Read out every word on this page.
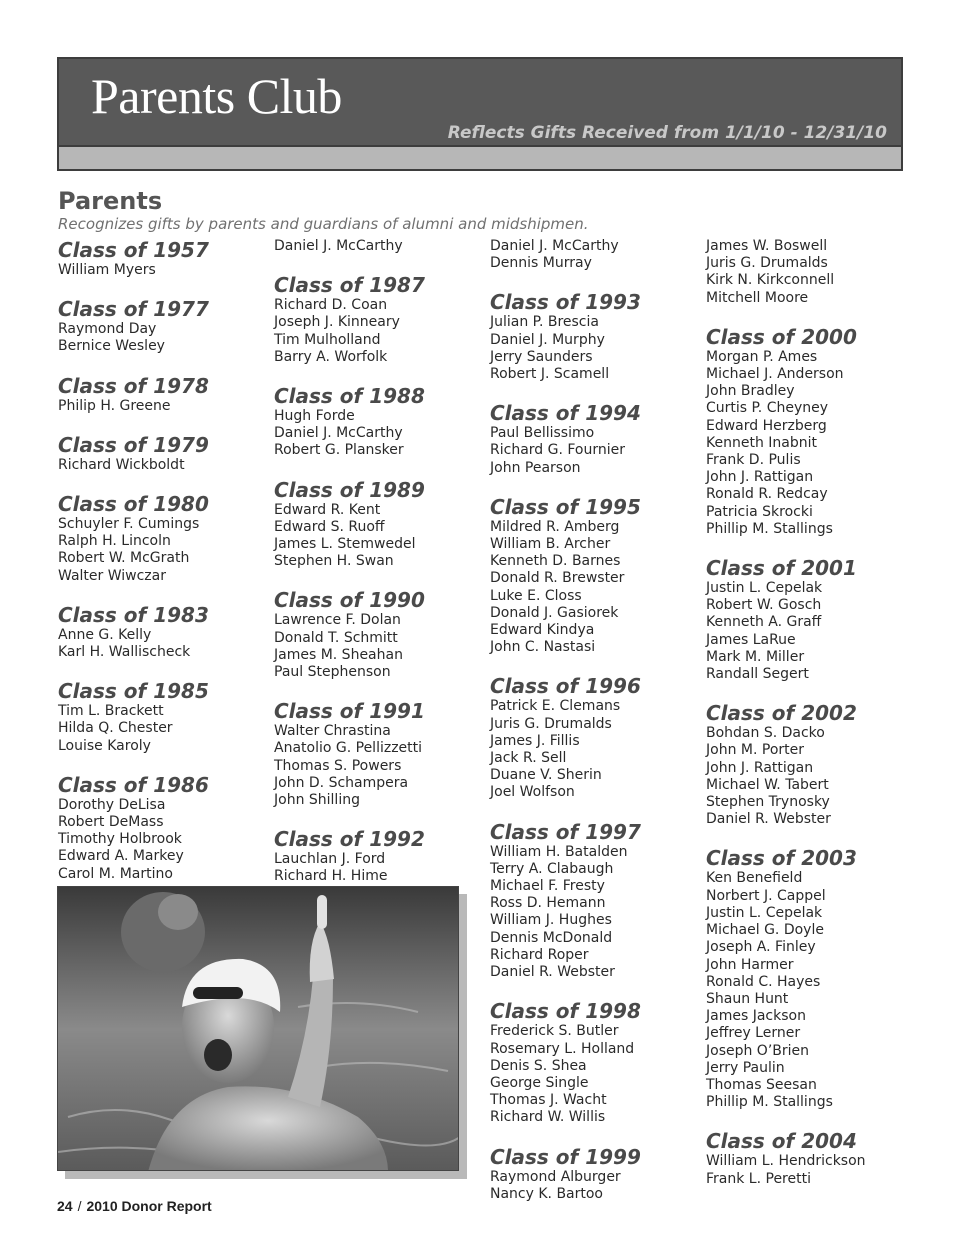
Parents Club
Reflects Gifts Received from 1/1/10 - 12/31/10
Parents
Recognizes gifts by parents and guardians of alumni and midshipmen.
Class of 1957
William Myers
Class of 1977
Raymond Day
Bernice Wesley
Class of 1978
Philip H. Greene
Class of 1979
Richard Wickboldt
Class of 1980
Schuyler F. Cumings
Ralph H. Lincoln
Robert W. McGrath
Walter Wiwczar
Class of 1983
Anne G. Kelly
Karl H. Wallischeck
Class of 1985
Tim L. Brackett
Hilda Q. Chester
Louise Karoly
Class of 1986
Dorothy DeLisa
Robert DeMass
Timothy Holbrook
Edward A. Markey
Carol M. Martino
Daniel J. McCarthy
Class of 1987
Richard D. Coan
Joseph J. Kinneary
Tim Mulholland
Barry A. Worfolk
Class of 1988
Hugh Forde
Daniel J. McCarthy
Robert G. Plansker
Class of 1989
Edward R. Kent
Edward S. Ruoff
James L. Stemwedel
Stephen H. Swan
Class of 1990
Lawrence F. Dolan
Donald T. Schmitt
James M. Sheahan
Paul Stephenson
Class of 1991
Walter Chrastina
Anatolio G. Pellizzetti
Thomas S. Powers
John D. Schampera
John Shilling
Class of 1992
Lauchlan J. Ford
Richard H. Hime
Daniel J. McCarthy
Dennis Murray
Class of 1993
Julian P. Brescia
Daniel J. Murphy
Jerry Saunders
Robert J. Scamell
Class of 1994
Paul Bellissimo
Richard G. Fournier
John Pearson
Class of 1995
Mildred R. Amberg
William B. Archer
Kenneth D. Barnes
Donald R. Brewster
Luke E. Closs
Donald J. Gasiorek
Edward Kindya
John C. Nastasi
Class of 1996
Patrick E. Clemans
Juris G. Drumalds
James J. Fillis
Jack R. Sell
Duane V. Sherin
Joel Wolfson
Class of 1997
William H. Batalden
Terry A. Clabaugh
Michael F. Fresty
Ross D. Hemann
William J. Hughes
Dennis McDonald
Richard Roper
Daniel R. Webster
Class of 1998
Frederick S. Butler
Rosemary L. Holland
Denis S. Shea
George Single
Thomas J. Wacht
Richard W. Willis
Class of 1999
Raymond Alburger
Nancy K. Bartoo
James W. Boswell
Juris G. Drumalds
Kirk N. Kirkconnell
Mitchell Moore
Class of 2000
Morgan P. Ames
Michael J. Anderson
John Bradley
Curtis P. Cheyney
Edward Herzberg
Kenneth Inabnit
Frank D. Pulis
John J. Rattigan
Ronald R. Redcay
Patricia Skrocki
Phillip M. Stallings
Class of 2001
Justin L. Cepelak
Robert W. Gosch
Kenneth A. Graff
James LaRue
Mark M. Miller
Randall Segert
Class of 2002
Bohdan S. Dacko
John M. Porter
John J. Rattigan
Michael W. Tabert
Stephen Trynosky
Daniel R. Webster
Class of 2003
Ken Benefield
Norbert J. Cappel
Justin L. Cepelak
Michael G. Doyle
Joseph A. Finley
John Harmer
Ronald C. Hayes
Shaun Hunt
James Jackson
Jeffrey Lerner
Joseph O’Brien
Jerry Paulin
Thomas Seesan
Phillip M. Stallings
Class of 2004
William L. Hendrickson
Frank L. Peretti
24 / 2010 Donor Report
